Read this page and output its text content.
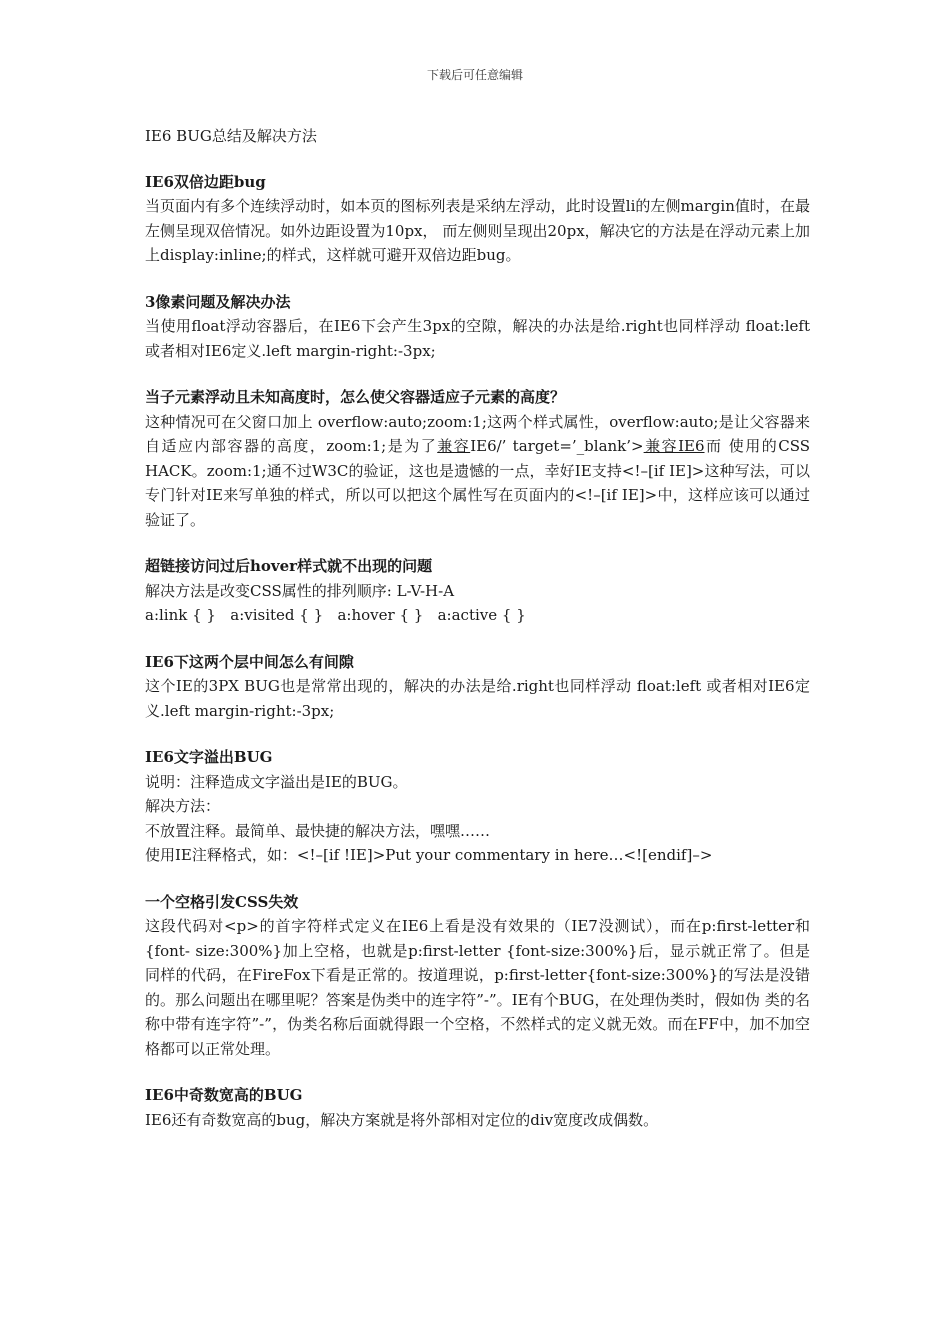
下载后可任意编辑

IE6 BUG总结及解决方法

IE6双倍边距bug

当页面内有多个连续浮动时，如本页的图标列表是采纳左浮动，此时设置li的左侧margin值时，在最左侧呈现双倍情况。如外边距设置为10px， 而左侧则呈现出20px，解决它的方法是在浮动元素上加上display:inline;的样式，这样就可避开双倍边距bug。

3像素问题及解决办法

当使用float浮动容器后，在IE6下会产生3px的空隙，解决的办法是给.right也同样浮动 float:left 或者相对IE6定义.left margin-right:-3px;

当子元素浮动且未知高度时，怎么使父容器适应子元素的高度？

这种情况可在父窗口加上 overflow:auto;zoom:1;这两个样式属性，overflow:auto;是让父容器来自适应内部容器的高度，zoom:1;是为了兼容IE6/’ target=’_blank’>兼容IE6而 使用的CSS HACK。zoom:1;通不过W3C的验证，这也是遗憾的一点，幸好IE支持<!–[if IE]>这种写法，可以专门针对IE来写单独的样式，所以可以把这个属性写在页面内的<!–[if IE]>中，这样应该可以通过验证了。

超链接访问过后hover样式就不出现的问题

解决方法是改变CSS属性的排列顺序: L-V-H-A

a:link { }   a:visited { }   a:hover { }   a:active { }

IE6下这两个层中间怎么有间隙

这个IE的3PX BUG也是常常出现的，解决的办法是给.right也同样浮动 float:left 或者相对IE6定义.left margin-right:-3px;

IE6文字溢出BUG

说明：注释造成文字溢出是IE的BUG。

解决方法：

不放置注释。最简单、最快捷的解决方法，嘿嘿……

使用IE注释格式，如：<!–[if !IE]>Put your commentary in here…<![endif]–>

一个空格引发CSS失效

这段代码对<p>的首字符样式定义在IE6上看是没有效果的（IE7没测试），而在p:first-letter和{font- size:300%}加上空格，也就是p:first-letter {font-size:300%}后，显示就正常了。但是同样的代码，在FireFox下看是正常的。按道理说，p:first-letter{font-size:300%}的写法是没错的。那么问题出在哪里呢？答案是伪类中的连字符”-”。IE有个BUG，在处理伪类时，假如伪 类的名称中带有连字符”-”，伪类名称后面就得跟一个空格，不然样式的定义就无效。而在FF中，加不加空格都可以正常处理。

IE6中奇数宽高的BUG

IE6还有奇数宽高的bug，解决方案就是将外部相对定位的div宽度改成偶数。
